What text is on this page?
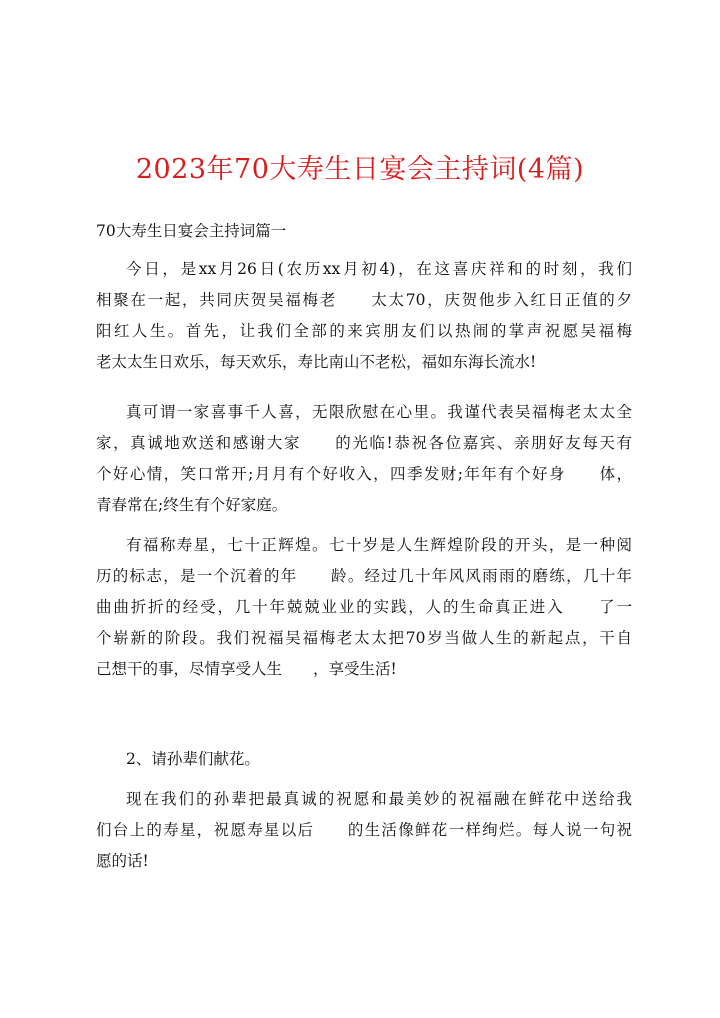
2023年70大寿生日宴会主持词(4篇)
70大寿生日宴会主持词篇一
今日，是xx月26日(农历xx月初4)，在这喜庆祥和的时刻，我们
相聚在一起，共同庆贺吴福梅老　　太太70，庆贺他步入红日正值的夕
阳红人生。首先，让我们全部的来宾朋友们以热闹的掌声祝愿吴福梅
老太太生日欢乐，每天欢乐，寿比南山不老松，福如东海长流水!
真可谓一家喜事千人喜，无限欣慰在心里。我谨代表吴福梅老太太全
家，真诚地欢送和感谢大家　　的光临!恭祝各位嘉宾、亲朋好友每天有
个好心情，笑口常开;月月有个好收入，四季发财;年年有个好身　　体，
青春常在;终生有个好家庭。
有福称寿星，七十正辉煌。七十岁是人生辉煌阶段的开头，是一种阅
历的标志，是一个沉着的年　　龄。经过几十年风风雨雨的磨练，几十年
曲曲折折的经受，几十年兢兢业业的实践，人的生命真正进入　　了一
个崭新的阶段。我们祝福吴福梅老太太把70岁当做人生的新起点，干自
己想干的事，尽情享受人生　　，享受生活!
2、请孙辈们献花。
现在我们的孙辈把最真诚的祝愿和最美妙的祝福融在鲜花中送给我
们台上的寿星，祝愿寿星以后　　的生活像鲜花一样绚烂。每人说一句祝
愿的话!
